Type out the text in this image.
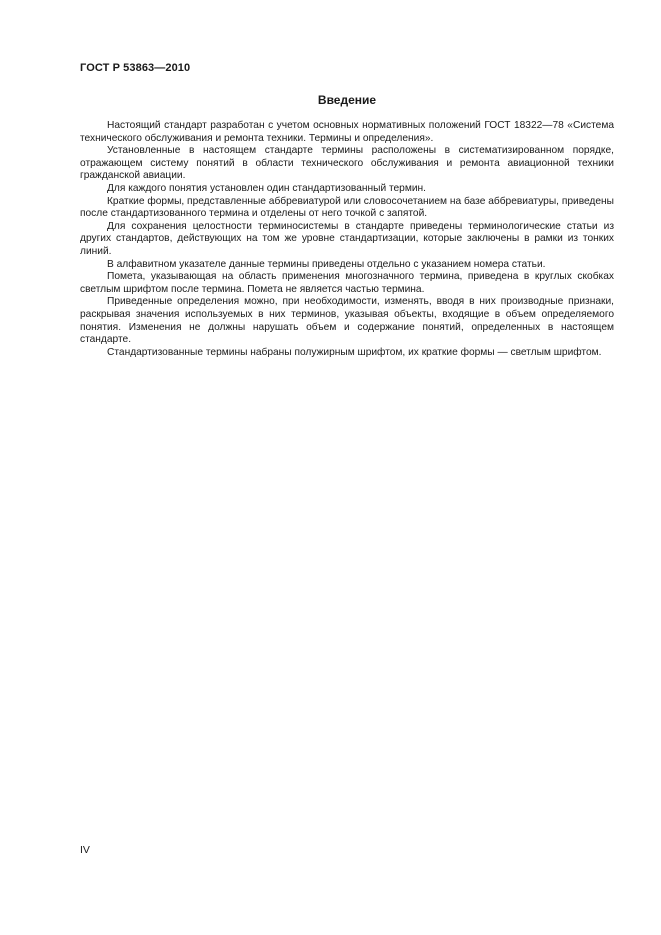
ГОСТ Р 53863—2010
Введение

Настоящий стандарт разработан с учетом основных нормативных положений ГОСТ 18322—78 «Система технического обслуживания и ремонта техники. Термины и определения».

Установленные в настоящем стандарте термины расположены в систематизированном порядке, отражающем систему понятий в области технического обслуживания и ремонта авиационной техники гражданской авиации.

Для каждого понятия установлен один стандартизованный термин.

Краткие формы, представленные аббревиатурой или словосочетанием на базе аббревиатуры, приведены после стандартизованного термина и отделены от него точкой с запятой.

Для сохранения целостности терминосистемы в стандарте приведены терминологические статьи из других стандартов, действующих на том же уровне стандартизации, которые заключены в рамки из тонких линий.

В алфавитном указателе данные термины приведены отдельно с указанием номера статьи.

Помета, указывающая на область применения многозначного термина, приведена в круглых скобках светлым шрифтом после термина. Помета не является частью термина.

Приведенные определения можно, при необходимости, изменять, вводя в них производные признаки, раскрывая значения используемых в них терминов, указывая объекты, входящие в объем определяемого понятия. Изменения не должны нарушать объем и содержание понятий, определенных в настоящем стандарте.

Стандартизованные термины набраны полужирным шрифтом, их краткие формы — светлым шрифтом.

IV
